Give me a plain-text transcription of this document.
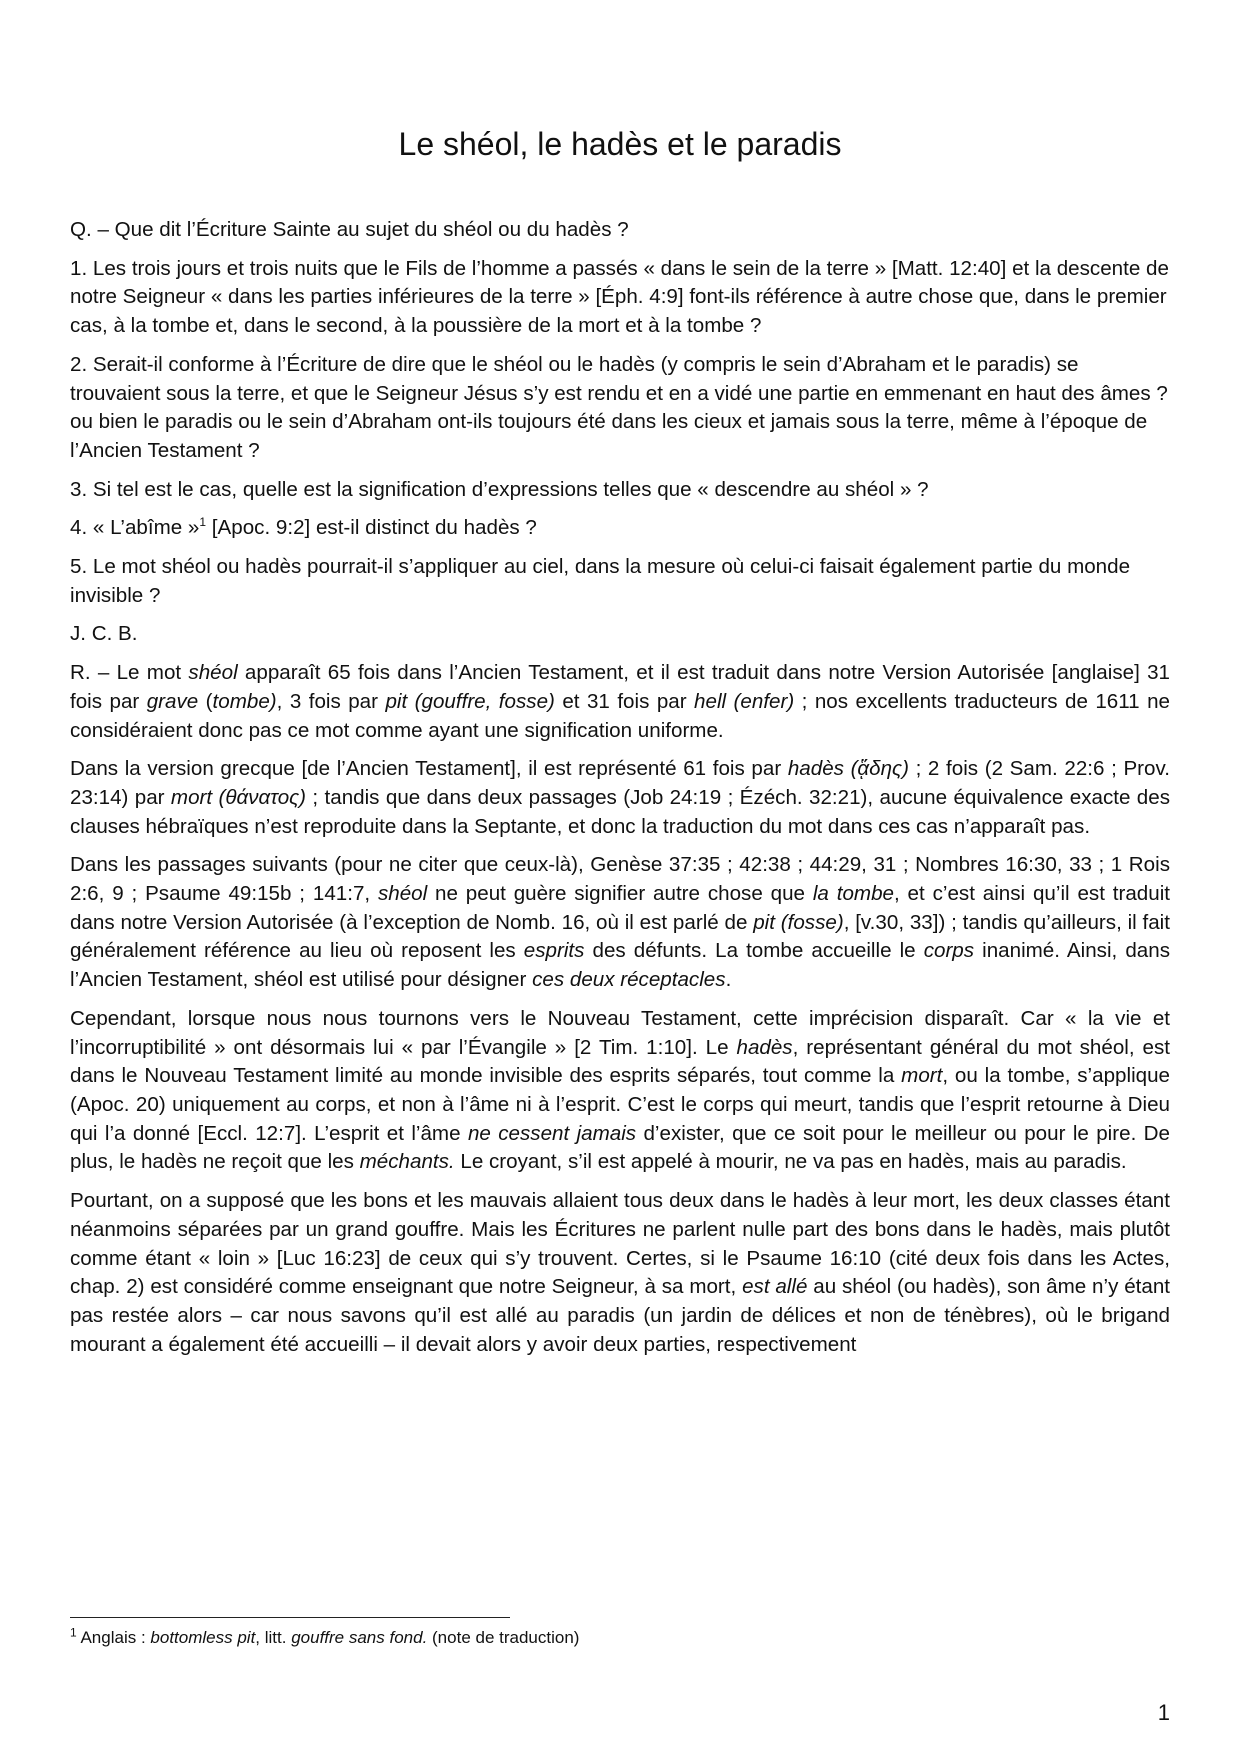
Le shéol, le hadès et le paradis

Q. – Que dit l’Écriture Sainte au sujet du shéol ou du hadès ?

1. Les trois jours et trois nuits que le Fils de l’homme a passés « dans le sein de la terre » [Matt. 12:40] et la descente de notre Seigneur « dans les parties inférieures de la terre » [Éph. 4:9] font-ils référence à autre chose que, dans le premier cas, à la tombe et, dans le second, à la poussière de la mort et à la tombe ?

2. Serait-il conforme à l’Écriture de dire que le shéol ou le hadès (y compris le sein d’Abraham et le paradis) se trouvaient sous la terre, et que le Seigneur Jésus s’y est rendu et en a vidé une partie en emmenant en haut des âmes ? ou bien le paradis ou le sein d’Abraham ont-ils toujours été dans les cieux et jamais sous la terre, même à l’époque de l’Ancien Testament ?

3. Si tel est le cas, quelle est la signification d’expressions telles que « descendre au shéol » ?

4. « L’abîme »$^1$ [Apoc. 9:2] est-il distinct du hadès ?

5. Le mot shéol ou hadès pourrait-il s’appliquer au ciel, dans la mesure où celui-ci faisait également partie du monde invisible ?

J. C. B.

R. – Le mot shéol apparaît 65 fois dans l’Ancien Testament, et il est traduit dans notre Version Autorisée [anglaise] 31 fois par grave (tombe), 3 fois par pit (gouffre, fosse) et 31 fois par hell (enfer) ; nos excellents traducteurs de 1611 ne considéraient donc pas ce mot comme ayant une signification uniforme.

Dans la version grecque [de l’Ancien Testament], il est représenté 61 fois par hadès (ᾅδης) ; 2 fois (2 Sam. 22:6 ; Prov. 23:14) par mort (θάνατος) ; tandis que dans deux passages (Job 24:19 ; Ézéch. 32:21), aucune équivalence exacte des clauses hébraïques n’est reproduite dans la Septante, et donc la traduction du mot dans ces cas n’apparaît pas.

Dans les passages suivants (pour ne citer que ceux-là), Genèse 37:35 ; 42:38 ; 44:29, 31 ; Nombres 16:30, 33 ; 1 Rois 2:6, 9 ; Psaume 49:15b ; 141:7, shéol ne peut guère signifier autre chose que la tombe, et c’est ainsi qu’il est traduit dans notre Version Autorisée (à l’exception de Nomb. 16, où il est parlé de pit (fosse), [v.30, 33]) ; tandis qu’ailleurs, il fait généralement référence au lieu où reposent les esprits des défunts. La tombe accueille le corps inanimé. Ainsi, dans l’Ancien Testament, shéol est utilisé pour désigner ces deux réceptacles.

Cependant, lorsque nous nous tournons vers le Nouveau Testament, cette imprécision disparaît. Car « la vie et l’incorruptibilité » ont désormais lui « par l’Évangile » [2 Tim. 1:10]. Le hadès, représentant général du mot shéol, est dans le Nouveau Testament limité au monde invisible des esprits séparés, tout comme la mort, ou la tombe, s’applique (Apoc. 20) uniquement au corps, et non à l’âme ni à l’esprit. C’est le corps qui meurt, tandis que l’esprit retourne à Dieu qui l’a donné [Eccl. 12:7]. L’esprit et l’âme ne cessent jamais d’exister, que ce soit pour le meilleur ou pour le pire. De plus, le hadès ne reçoit que les méchants. Le croyant, s’il est appelé à mourir, ne va pas en hadès, mais au paradis.

Pourtant, on a supposé que les bons et les mauvais allaient tous deux dans le hadès à leur mort, les deux classes étant néanmoins séparées par un grand gouffre. Mais les Écritures ne parlent nulle part des bons dans le hadès, mais plutôt comme étant « loin » [Luc 16:23] de ceux qui s’y trouvent. Certes, si le Psaume 16:10 (cité deux fois dans les Actes, chap. 2) est considéré comme enseignant que notre Seigneur, à sa mort, est allé au shéol (ou hadès), son âme n’y étant pas restée alors – car nous savons qu’il est allé au paradis (un jardin de délices et non de ténèbres), où le brigand mourant a également été accueilli – il devait alors y avoir deux parties, respectivement

$^1$ Anglais : bottomless pit, litt. gouffre sans fond. (note de traduction)
1
